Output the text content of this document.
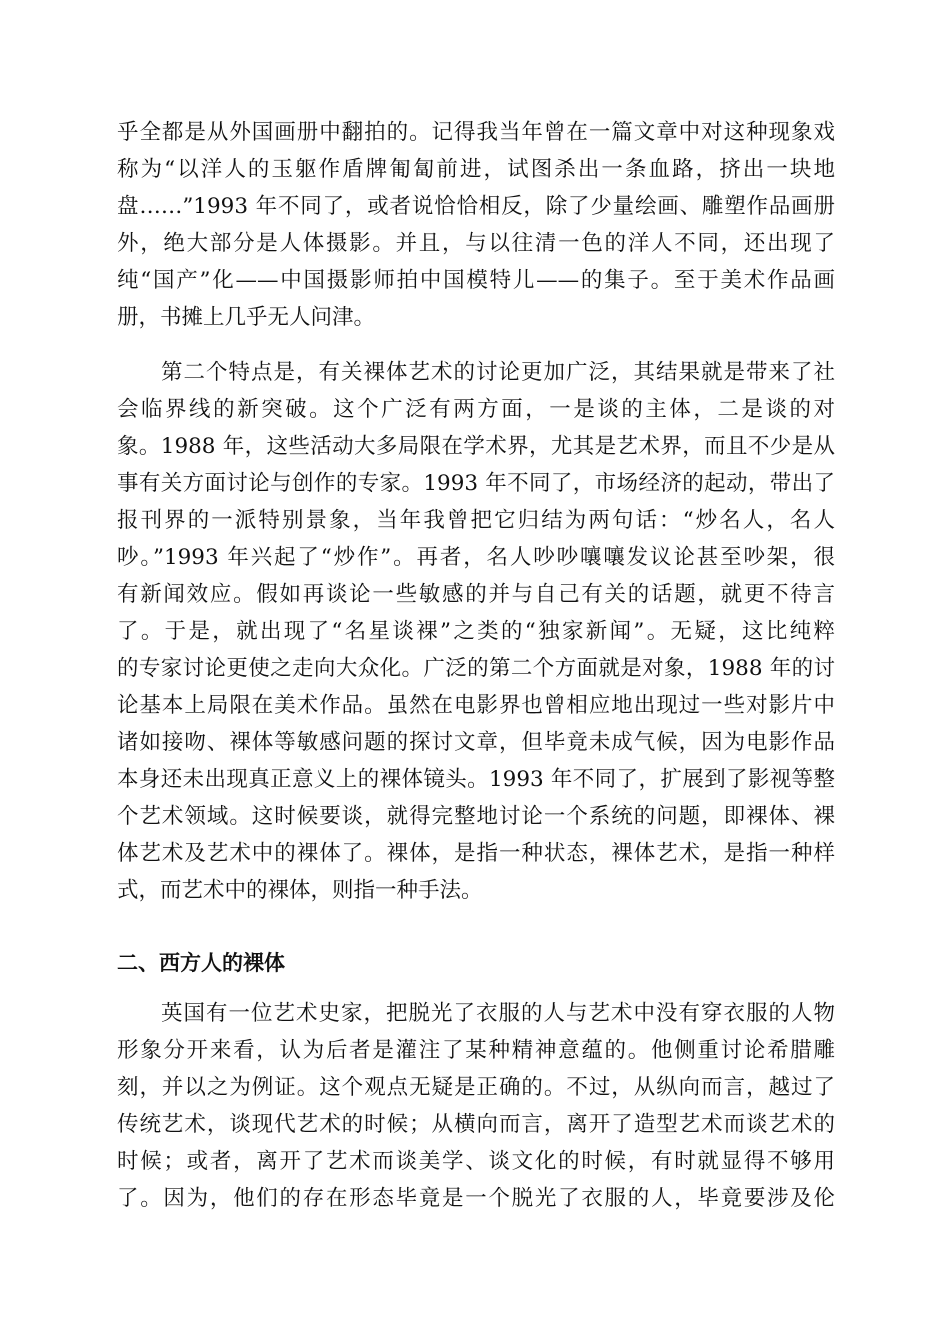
乎全都是从外国画册中翻拍的。记得我当年曾在一篇文章中对这种现象戏
称为“以洋人的玉躯作盾牌匍匐前进，试图杀出一条血路，挤出一块地
盘……”1993 年不同了，或者说恰恰相反，除了少量绘画、雕塑作品画册
外，绝大部分是人体摄影。并且，与以往清一色的洋人不同，还出现了
纯“国产”化——中国摄影师拍中国模特儿——的集子。至于美术作品画
册，书摊上几乎无人问津。
第二个特点是，有关裸体艺术的讨论更加广泛，其结果就是带来了社
会临界线的新突破。这个广泛有两方面，一是谈的主体，二是谈的对
象。1988 年，这些活动大多局限在学术界，尤其是艺术界，而且不少是从
事有关方面讨论与创作的专家。1993 年不同了，市场经济的起动，带出了
报刊界的一派特别景象，当年我曾把它归结为两句话：“炒名人，名人
吵。”1993 年兴起了“炒作”。再者，名人吵吵嚷嚷发议论甚至吵架，很
有新闻效应。假如再谈论一些敏感的并与自己有关的话题，就更不待言
了。于是，就出现了“名星谈裸”之类的“独家新闻”。无疑，这比纯粹
的专家讨论更使之走向大众化。广泛的第二个方面就是对象，1988 年的讨
论基本上局限在美术作品。虽然在电影界也曾相应地出现过一些对影片中
诸如接吻、裸体等敏感问题的探讨文章，但毕竟未成气候，因为电影作品
本身还未出现真正意义上的裸体镜头。1993 年不同了，扩展到了影视等整
个艺术领域。这时候要谈，就得完整地讨论一个系统的问题，即裸体、裸
体艺术及艺术中的裸体了。裸体，是指一种状态，裸体艺术，是指一种样
式，而艺术中的裸体，则指一种手法。
二、西方人的裸体
英国有一位艺术史家，把脱光了衣服的人与艺术中没有穿衣服的人物
形象分开来看，认为后者是灌注了某种精神意蕴的。他侧重讨论希腊雕
刻，并以之为例证。这个观点无疑是正确的。不过，从纵向而言，越过了
传统艺术，谈现代艺术的时候；从横向而言，离开了造型艺术而谈艺术的
时候；或者，离开了艺术而谈美学、谈文化的时候，有时就显得不够用
了。因为，他们的存在形态毕竟是一个脱光了衣服的人，毕竟要涉及伦
